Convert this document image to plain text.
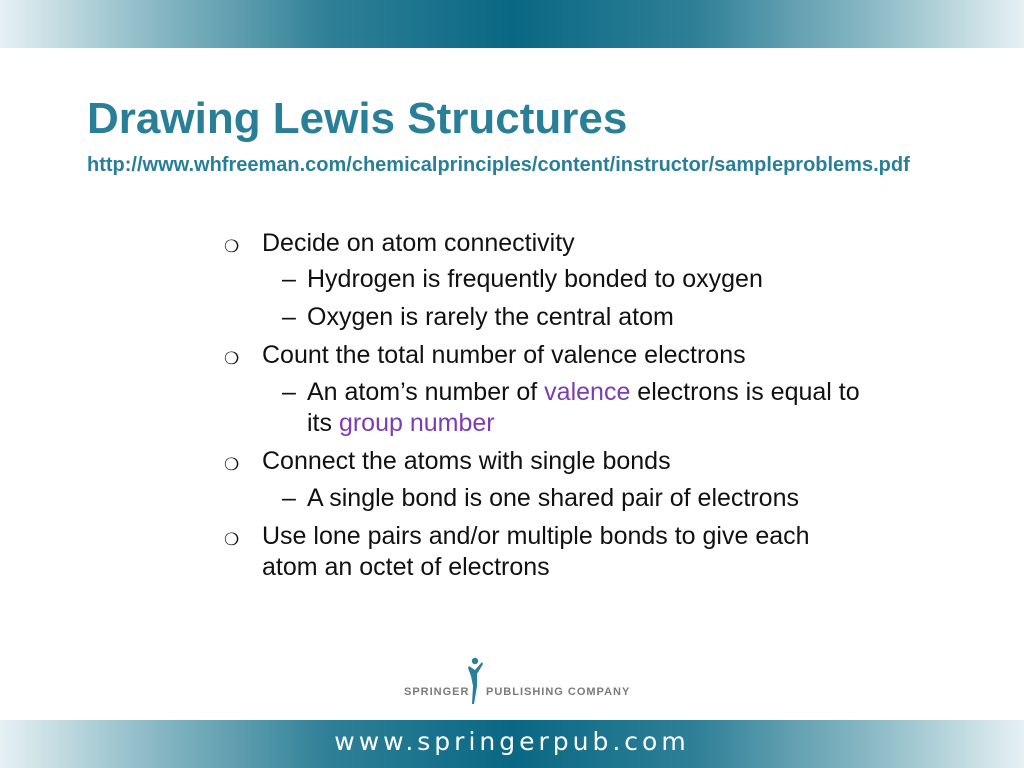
Drawing Lewis Structures
http://www.whfreeman.com/chemicalprinciples/content/instructor/sampleproblems.pdf
❍ Decide on atom connectivity
– Hydrogen is frequently bonded to oxygen
– Oxygen is rarely the central atom
❍ Count the total number of valence electrons
– An atom’s number of valence electrons is equal to
its group number
❍ Connect the atoms with single bonds
– A single bond is one shared pair of electrons
❍ Use lone pairs and/or multiple bonds to give each
atom an octet of electrons
SPRINGER PUBLISHING COMPANY
www.springerpub.com
